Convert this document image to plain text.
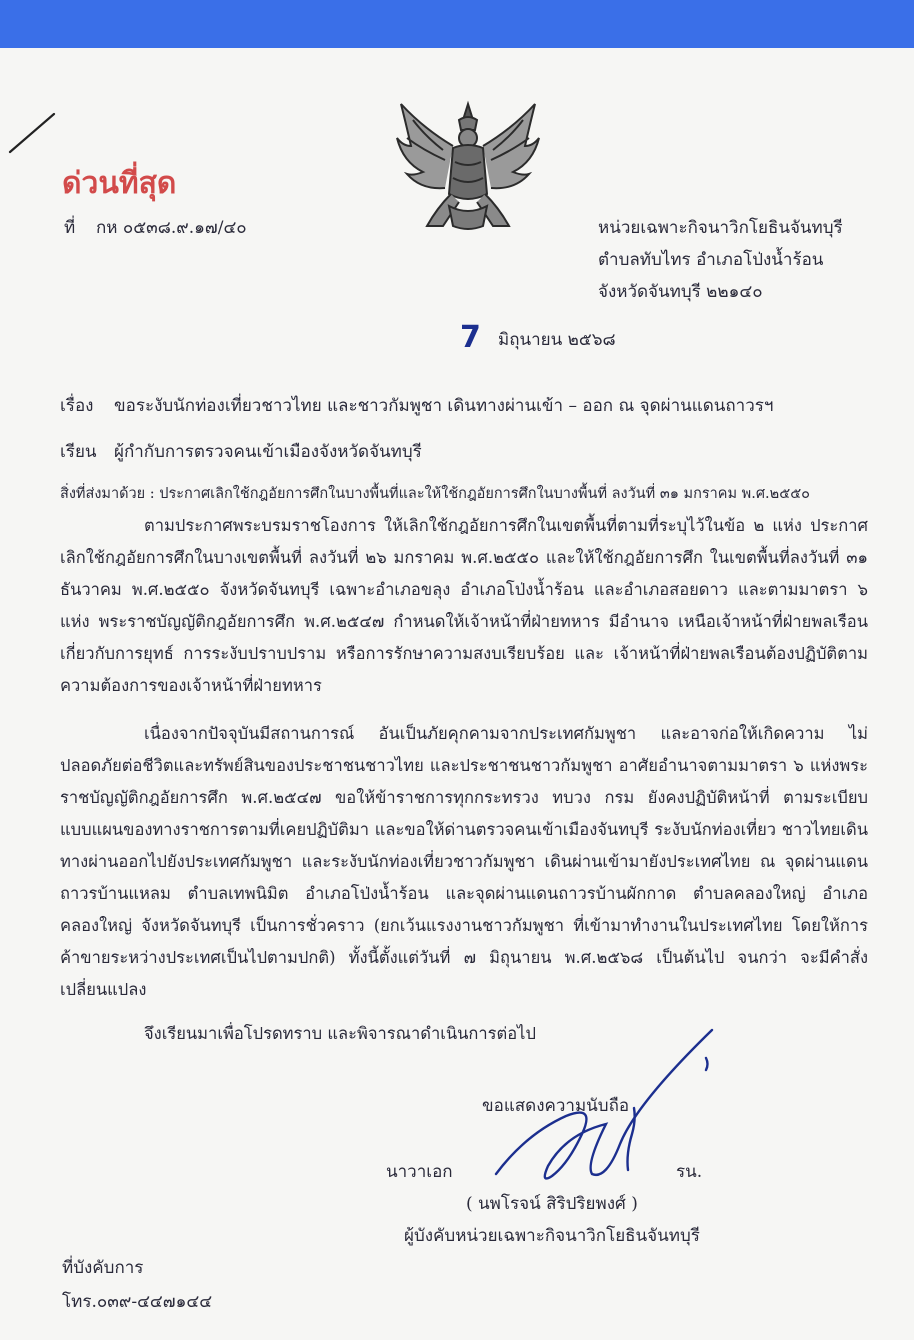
ด่วนที่สุด
ที่ กห ๐๕๓๘.๙.๑๗/๔๐	หน่วยเฉพาะกิจนาวิกโยธินจันทบุรี
ตำบลทับไทร อำเภอโป่งน้ำร้อน
จังหวัดจันทบุรี ๒๒๑๔๐
7 มิถุนายน ๒๕๖๘
เรื่อง ขอระงับนักท่องเที่ยวชาวไทย และชาวกัมพูชา เดินทางผ่านเข้า – ออก ณ จุดผ่านแดนถาวรฯ
เรียน ผู้กำกับการตรวจคนเข้าเมืองจังหวัดจันทบุรี
สิ่งที่ส่งมาด้วย : ประกาศเลิกใช้กฎอัยการศึกในบางพื้นที่และให้ใช้กฎอัยการศึกในบางพื้นที่ ลงวันที่ ๓๑ มกราคม พ.ศ.๒๕๕๐
ตามประกาศพระบรมราชโองการ ให้เลิกใช้กฎอัยการศึกในเขตพื้นที่ตามที่ระบุไว้ในข้อ ๒ แห่ง ประกาศเลิกใช้กฎอัยการศึกในบางเขตพื้นที่ ลงวันที่ ๒๖ มกราคม พ.ศ.๒๕๕๐ และให้ใช้กฎอัยการศึก ในเขตพื้นที่ลงวันที่ ๓๑ ธันวาคม พ.ศ.๒๕๕๐ จังหวัดจันทบุรี เฉพาะอำเภอขลุง อำเภอโป่งน้ำร้อน และอำเภอสอยดาว และตามมาตรา ๖ แห่ง พระราชบัญญัติกฎอัยการศึก พ.ศ.๒๕๔๗ กำหนดให้เจ้าหน้าที่ฝ่ายทหาร มีอำนาจ เหนือเจ้าหน้าที่ฝ่ายพลเรือน เกี่ยวกับการยุทธ์ การระงับปราบปราม หรือการรักษาความสงบเรียบร้อย และ เจ้าหน้าที่ฝ่ายพลเรือนต้องปฏิบัติตามความต้องการของเจ้าหน้าที่ฝ่ายทหาร
เนื่องจากปัจจุบันมีสถานการณ์ อันเป็นภัยคุกคามจากประเทศกัมพูชา และอาจก่อให้เกิดความ ไม่ปลอดภัยต่อชีวิตและทรัพย์สินของประชาชนชาวไทย และประชาชนชาวกัมพูชา อาศัยอำนาจตามมาตรา ๖ แห่งพระราชบัญญัติกฎอัยการศึก พ.ศ.๒๕๔๗ ขอให้ข้าราชการทุกกระทรวง ทบวง กรม ยังคงปฏิบัติหน้าที่ ตามระเบียบแบบแผนของทางราชการตามที่เคยปฏิบัติมา และขอให้ด่านตรวจคนเข้าเมืองจันทบุรี ระงับนักท่องเที่ยว ชาวไทยเดินทางผ่านออกไปยังประเทศกัมพูชา และระงับนักท่องเที่ยวชาวกัมพูชา เดินผ่านเข้ามายังประเทศไทย ณ จุดผ่านแดนถาวรบ้านแหลม ตำบลเทพนิมิต อำเภอโป่งน้ำร้อน และจุดผ่านแดนถาวรบ้านผักกาด ตำบลคลองใหญ่ อำเภอคลองใหญ่ จังหวัดจันทบุรี เป็นการชั่วคราว (ยกเว้นแรงงานชาวกัมพูชา ที่เข้ามาทำงานในประเทศไทย โดยให้การค้าขายระหว่างประเทศเป็นไปตามปกติ) ทั้งนี้ตั้งแต่วันที่ ๗ มิถุนายน พ.ศ.๒๕๖๘ เป็นต้นไป จนกว่า จะมีคำสั่งเปลี่ยนแปลง
จึงเรียนมาเพื่อโปรดทราบ และพิจารณาดำเนินการต่อไป
ขอแสดงความนับถือ
นาวาเอก	รน.
( นพโรจน์ สิริปริยพงศ์ )
ผู้บังคับหน่วยเฉพาะกิจนาวิกโยธินจันทบุรี
ที่บังคับการ
โทร.๐๓๙-๔๔๗๑๔๔
